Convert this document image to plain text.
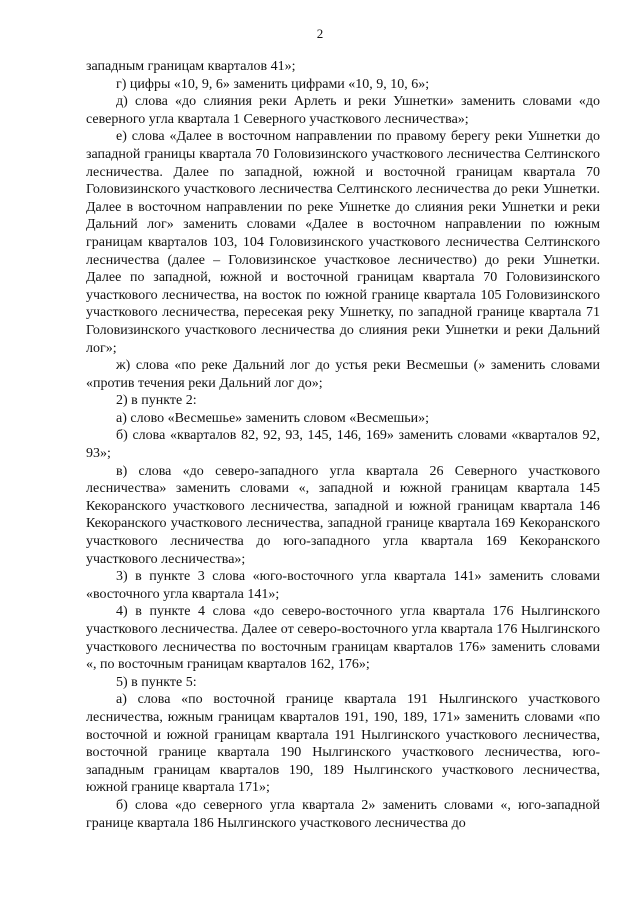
2

западным границам кварталов 41»;

г) цифры «10, 9, 6» заменить цифрами «10, 9, 10, 6»;

д) слова «до слияния реки Арлеть и реки Ушнетки» заменить словами «до северного угла квартала 1 Северного участкового лесничества»;

е) слова «Далее в восточном направлении по правому берегу реки Ушнетки до западной границы квартала 70 Головизинского участкового лесничества Селтинского лесничества. Далее по западной, южной и восточной границам квартала 70 Головизинского участкового лесничества Селтинского лесничества до реки Ушнетки. Далее в восточном направлении по реке Ушнетке до слияния реки Ушнетки и реки Дальний лог» заменить словами «Далее в восточном направлении по южным границам кварталов 103, 104 Головизинского участкового лесничества Селтинского лесничества (далее – Головизинское участковое лесничество) до реки Ушнетки. Далее по западной, южной и восточной границам квартала 70 Головизинского участкового лесничества, на восток по южной границе квартала 105 Головизинского участкового лесничества, пересекая реку Ушнетку, по западной границе квартала 71 Головизинского участкового лесничества до слияния реки Ушнетки и реки Дальний лог»;

ж) слова «по реке Дальний лог до устья реки Весмешьи (» заменить словами «против течения реки Дальний лог до»;

2) в пункте 2:

а) слово «Весмешье» заменить словом «Весмешьи»;

б) слова «кварталов 82, 92, 93, 145, 146, 169» заменить словами «кварталов 92, 93»;

в) слова «до северо-западного угла квартала 26 Северного участкового лесничества» заменить словами «, западной и южной границам квартала 145 Кекоранского участкового лесничества, западной и южной границам квартала 146 Кекоранского участкового лесничества, западной границе квартала 169 Кекоранского участкового лесничества до юго-западного угла квартала 169 Кекоранского участкового лесничества»;

3) в пункте 3 слова «юго-восточного угла квартала 141» заменить словами «восточного угла квартала 141»;

4) в пункте 4 слова «до северо-восточного угла квартала 176 Нылгинского участкового лесничества. Далее от северо-восточного угла квартала 176 Нылгинского участкового лесничества по восточным границам кварталов 176» заменить словами «, по восточным границам кварталов 162, 176»;

5) в пункте 5:

а) слова «по восточной границе квартала 191 Нылгинского участкового лесничества, южным границам кварталов 191, 190, 189, 171» заменить словами «по восточной и южной границам квартала 191 Нылгинского участкового лесничества, восточной границе квартала 190 Нылгинского участкового лесничества, юго-западным границам кварталов 190, 189 Нылгинского участкового лесничества, южной границе квартала 171»;

б) слова «до северного угла квартала 2» заменить словами «, юго-западной границе квартала 186 Нылгинского участкового лесничества до
